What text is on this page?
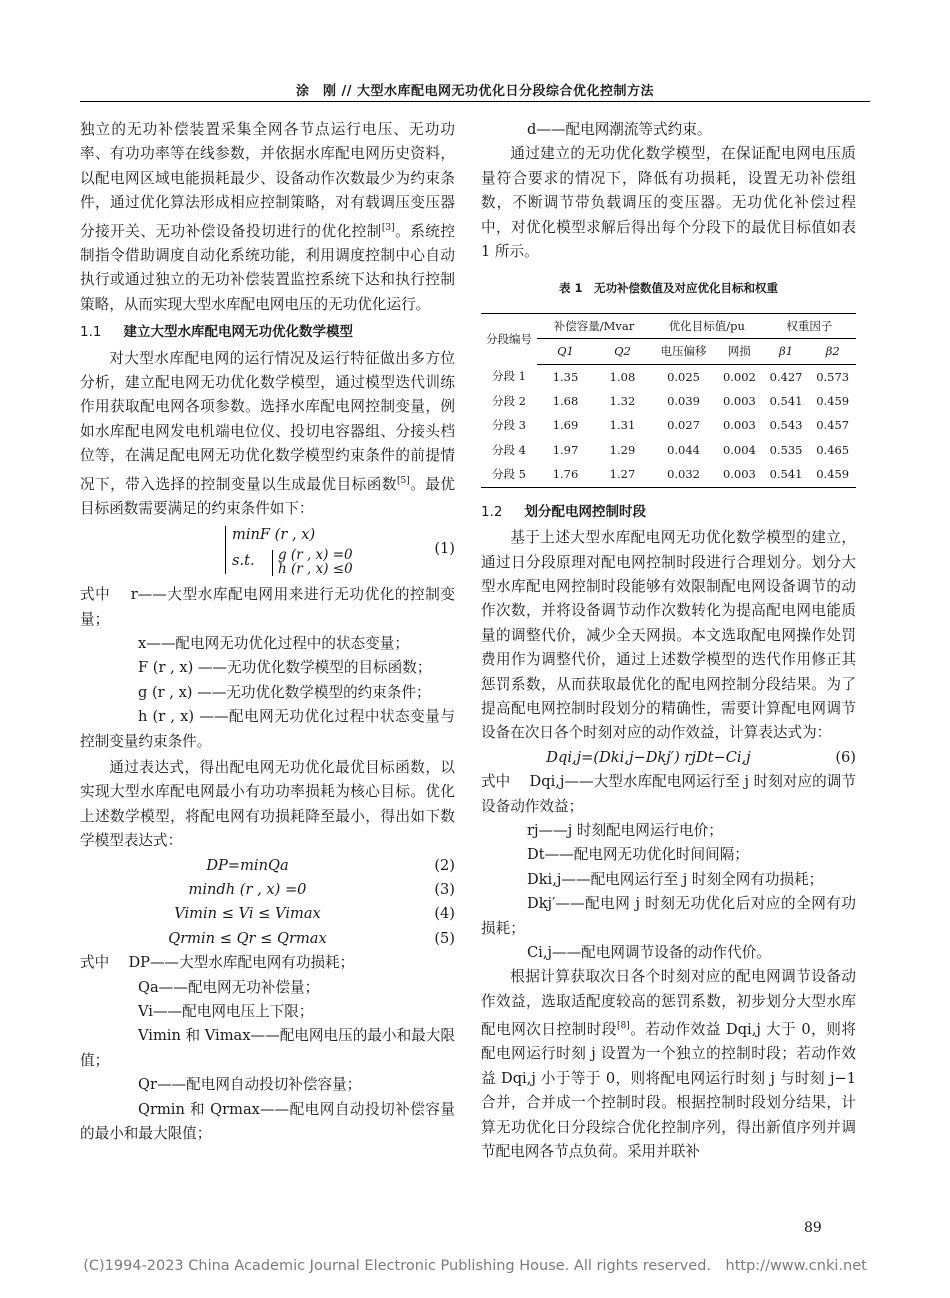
涂　刚 // 大型水库配电网无功优化日分段综合优化控制方法

独立的无功补偿装置采集全网各节点运行电压、无功功率、有功功率等在线参数，并依据水库配电网历史资料，以配电网区域电能损耗最少、设备动作次数最少为约束条件，通过优化算法形成相应控制策略，对有载调压变压器分接开关、无功补偿设备投切进行的优化控制[3]。系统控制指令借助调度自动化系统功能，利用调度控制中心自动执行或通过独立的无功补偿装置监控系统下达和执行控制策略，从而实现大型水库配电网电压的无功优化运行。

1.1 建立大型水库配电网无功优化数学模型

对大型水库配电网的运行情况及运行特征做出多方位分析，建立配电网无功优化数学模型，通过模型迭代训练作用获取配电网各项参数。选择水库配电网控制变量，例如水库配电网发电机端电位仪、投切电容器组、分接头档位等，在满足配电网无功优化数学模型约束条件的前提情况下，带入选择的控制变量以生成最优目标函数[5]。最优目标函数需要满足的约束条件如下：

minF (r , x)
s.t. g (r , x) =0
h (r , x) ≤0
(1)

式中　 r——大型水库配电网用来进行无功优化的控制变量；

x——配电网无功优化过程中的状态变量；

F (r , x) ——无功优化数学模型的目标函数；

g (r , x) ——无功优化数学模型的约束条件；

h (r , x) ——配电网无功优化过程中状态变量与控制变量约束条件。

通过表达式，得出配电网无功优化最优目标函数，以实现大型水库配电网最小有功功率损耗为核心目标。优化上述数学模型，将配电网有功损耗降至最小，得出如下数学模型表达式：

DP=minQa	(2)
mindh (r , x) =0	(3)
Vimin ≤ Vi ≤ Vimax	(4)
Qrmin ≤ Qr ≤ Qrmax	(5)

式中　 DP——大型水库配电网有功损耗；

Qa——配电网无功补偿量；

Vi——配电网电压上下限；

Vimin 和 Vimax——配电网电压的最小和最大限值；

Qr——配电网自动投切补偿容量；

Qrmin 和 Qrmax——配电网自动投切补偿容量的最小和最大限值；

d——配电网潮流等式约束。

通过建立的无功优化数学模型，在保证配电网电压质量符合要求的情况下，降低有功损耗，设置无功补偿组数，不断调节带负载调压的变压器。无功优化补偿过程中，对优化模型求解后得出每个分段下的最优目标值如表 1 所示。

表 1　无功补偿数值及对应优化目标和权重
分段编号	补偿容量/Mvar		优化目标值/pu		权重因子	
	Q1	Q2	电压偏移	网损	β1	β2
分段 1	1.35	1.08	0.025	0.002	0.427	0.573
分段 2	1.68	1.32	0.039	0.003	0.541	0.459
分段 3	1.69	1.31	0.027	0.003	0.543	0.457
分段 4	1.97	1.29	0.044	0.004	0.535	0.465
分段 5	1.76	1.27	0.032	0.003	0.541	0.459
1.2 划分配电网控制时段

基于上述大型水库配电网无功优化数学模型的建立，通过日分段原理对配电网控制时段进行合理划分。划分大型水库配电网控制时段能够有效限制配电网设备调节的动作次数，并将设备调节动作次数转化为提高配电网电能质量的调整代价，减少全天网损。本文选取配电网操作处罚费用作为调整代价，通过上述数学模型的迭代作用修正其惩罚系数，从而获取最优化的配电网控制分段结果。为了提高配电网控制时段划分的精确性，需要计算配电网调节设备在次日各个时刻对应的动作效益，计算表达式为：

Dqi,j=(Dki,j−Dkj′) rjDt−Ci,j	(6)

式中　 Dqi,j——大型水库配电网运行至 j 时刻对应的调节设备动作效益；

rj——j 时刻配电网运行电价；

Dt——配电网无功优化时间间隔；

Dki,j——配电网运行至 j 时刻全网有功损耗；

Dkj′——配电网 j 时刻无功优化后对应的全网有功损耗；

Ci,j——配电网调节设备的动作代价。

根据计算获取次日各个时刻对应的配电网调节设备动作效益，选取适配度较高的惩罚系数，初步划分大型水库配电网次日控制时段[8]。若动作效益 Dqi,j 大于 0，则将配电网运行时刻 j 设置为一个独立的控制时段；若动作效益 Dqi,j 小于等于 0，则将配电网运行时刻 j 与时刻 j−1 合并，合并成一个控制时段。根据控制时段划分结果，计算无功优化日分段综合优化控制序列，得出新值序列并调节配电网各节点负荷。采用并联补

89
(C)1994-2023 China Academic Journal Electronic Publishing House. All rights reserved.　http://www.cnki.net
